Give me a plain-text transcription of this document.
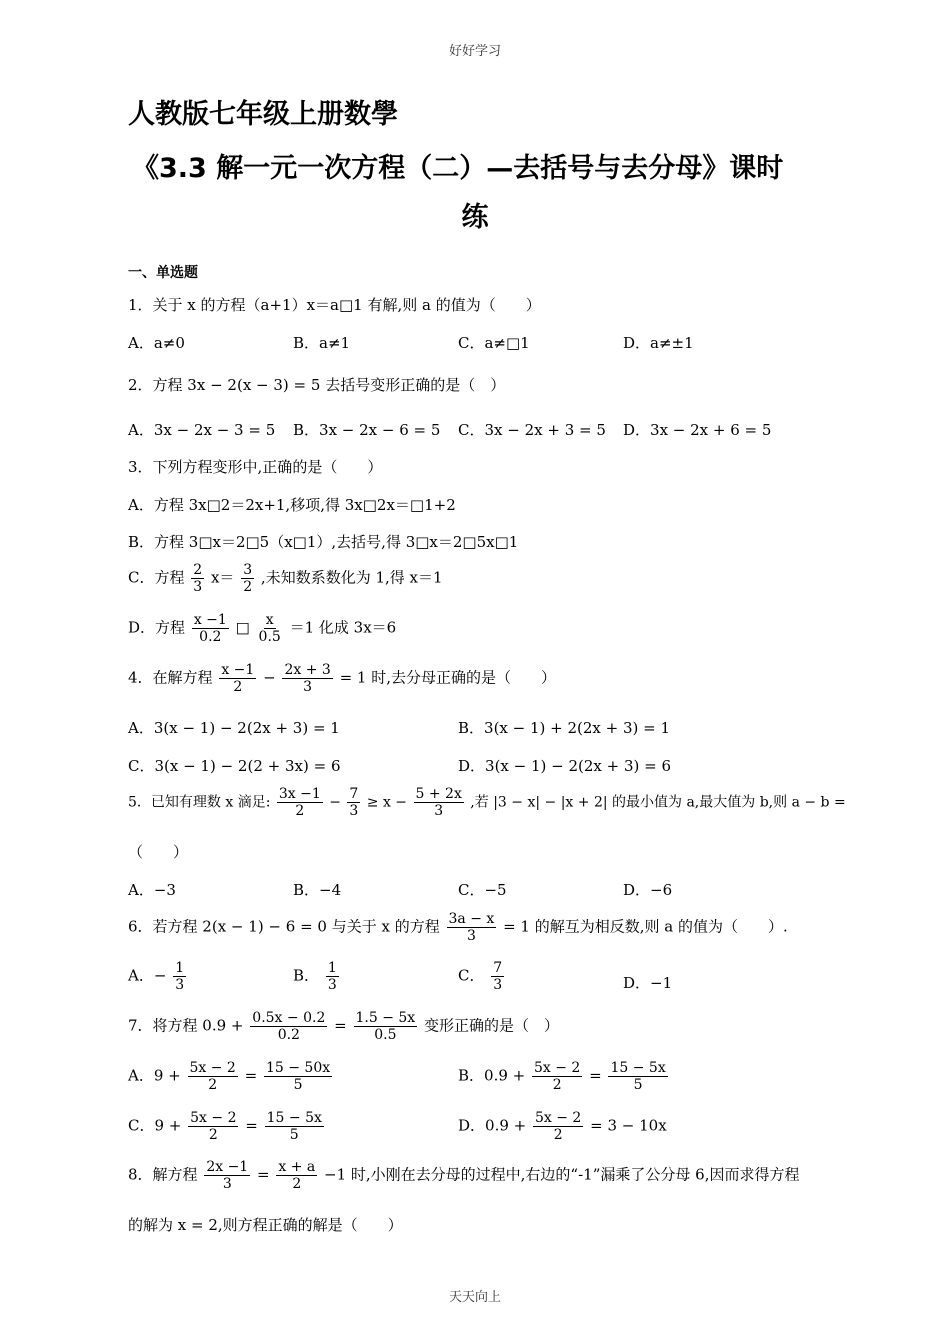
好好学习
人教版七年级上册数學
《3.3 解一元一次方程（二）—去括号与去分母》课时
练
一、单选题
1．关于 x 的方程（a+1）x＝a□1 有解,则 a 的值为（　　）
A．a≠0	B．a≠1	C．a≠□1	D．a≠±1
2．方程 3x − 2(x − 3) = 5 去括号变形正确的是（　）
A．3x − 2x − 3 = 5 B．3x − 2x − 6 = 5 C．3x − 2x + 3 = 5 D．3x − 2x + 6 = 5
3．下列方程变形中,正确的是（　　）
A．方程 3x□2＝2x+1,移项,得 3x□2x＝□1+2
B．方程 3□x＝2□5（x□1）,去括号,得 3□x＝2□5x□1
C．方程 $\frac{2}{3} x= \frac{3}{2}$ ,未知数系数化为 1,得 x＝1
D．方程 $\frac{x -1}{0.2}$ □ $\frac{x}{0.5} =1$ 化成 3x＝6
4．在解方程 $\frac{x -1}{2} - \frac{2x + 3}{3} = 1$ 时,去分母正确的是（　　）
A．3(x − 1) − 2(2x + 3) = 1	B．3(x − 1) + 2(2x + 3) = 1
C．3(x − 1) − 2(2 + 3x) = 6	D．3(x − 1) − 2(2x + 3) = 6
5．已知有理数 x 滴足: $\frac{3x -1}{2} - \frac{7}{3} \ge x - \frac{5 + 2x}{3}$ ,若 |3 − x| − |x + 2| 的最小值为 a,最大值为 b,则 a − b =
（　　）
A．−3	B．−4	C．−5	D．−6
6．若方程 2(x − 1) − 6 = 0 与关于 x 的方程 $\frac{3a - x}{3} = 1$ 的解互为相反数,则 a 的值为（　　）.
A．− $\frac{1}{3}$	B． $\frac{1}{3}$	C． $\frac{7}{3}$	D．−1
7．将方程 $0.9 + \frac{0.5x - 0.2}{0.2} = \frac{1.5 - 5x}{0.5}$ 变形正确的是（　）
A．$9 + \frac{5x - 2}{2} = \frac{15 - 50x}{5}$	B．$0.9 + \frac{5x - 2}{2} = \frac{15 - 5x}{5}$
C．$9 + \frac{5x - 2}{2} = \frac{15 - 5x}{5}$	D．$0.9 + \frac{5x - 2}{2} = 3 - 10x$
8．解方程 $\frac{2x -1}{3} = \frac{x + a}{2} -1$ 时,小刚在去分母的过程中,右边的“-1”漏乘了公分母 6,因而求得方程
的解为 x = 2,则方程正确的解是（　　）
天天向上
